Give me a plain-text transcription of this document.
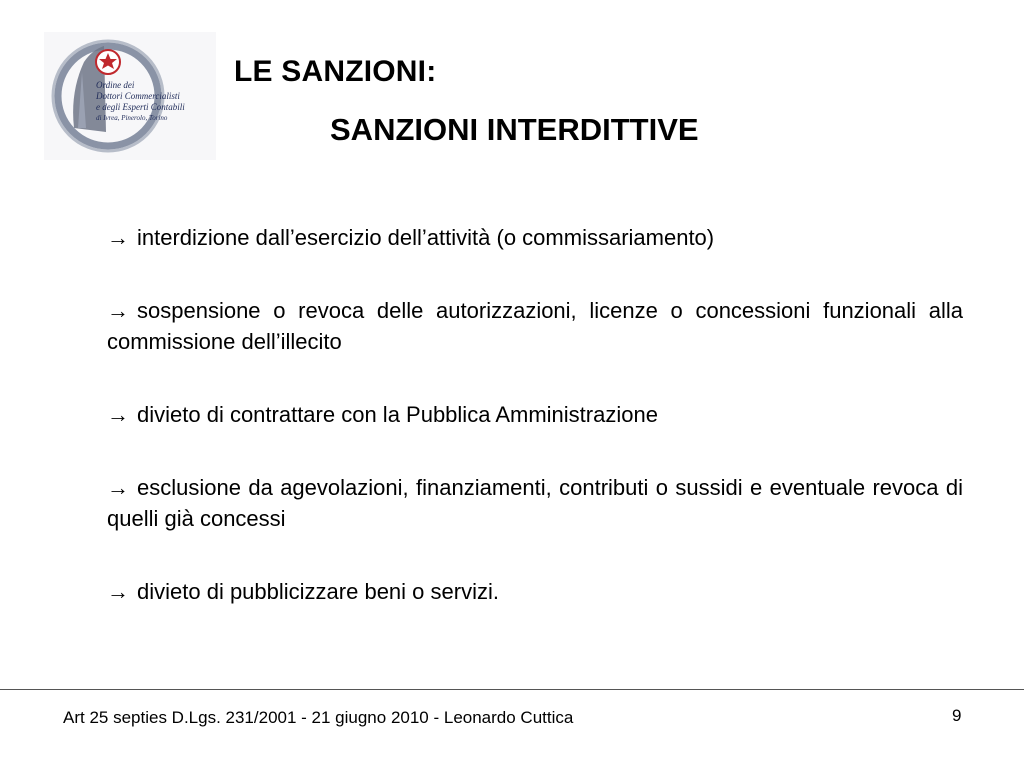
Ordine dei
Dottori Commercialisti
e degli Esperti Contabili
di Ivrea, Pinerolo, Torino
LE SANZIONI:
SANZIONI INTERDITTIVE

→ interdizione dall’esercizio dell’attività (o commissariamento)

→ sospensione o revoca delle autorizzazioni, licenze o concessioni funzionali alla commissione dell’illecito

→ divieto di contrattare con la Pubblica Amministrazione

→ esclusione da agevolazioni, finanziamenti, contributi o sussidi e eventuale revoca di quelli già concessi

→ divieto di pubblicizzare beni o servizi.

Art 25 septies D.Lgs. 231/2001 - 21 giugno 2010 - Leonardo Cuttica	9
